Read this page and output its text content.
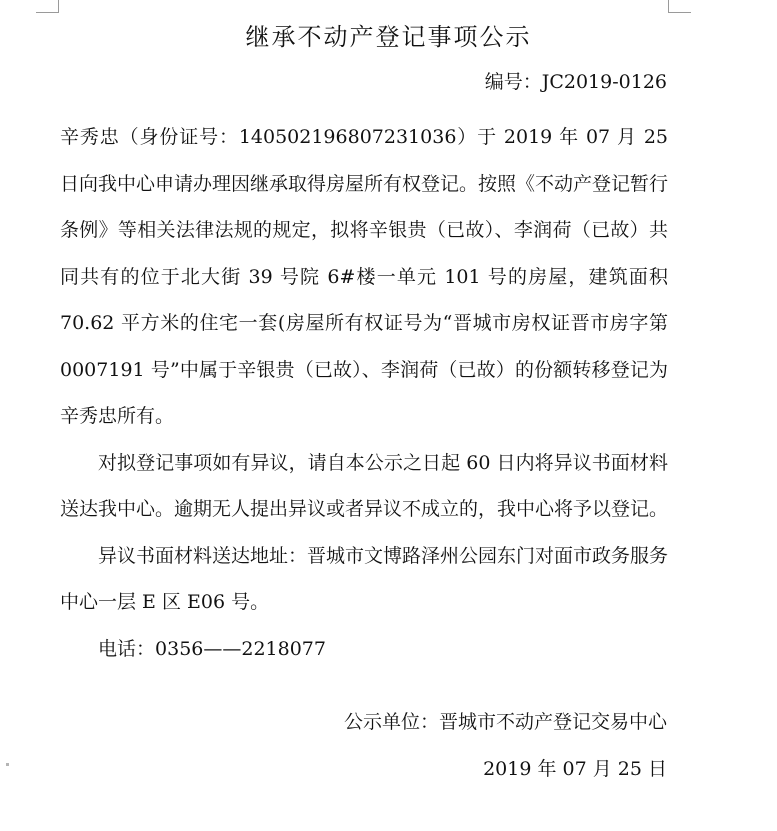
继承不动产登记事项公示
编号：JC2019-0126

辛秀忠（身份证号：140502196807231036）于 2019 年 07 月 25 日向我中心申请办理因继承取得房屋所有权登记。按照《不动产登记暂行条例》等相关法律法规的规定，拟将辛银贵（已故）、李润荷（已故）共同共有的位于北大街 39 号院 6#楼一单元 101 号的房屋，建筑面积 70.62 平方米的住宅一套(房屋所有权证号为“晋城市房权证晋市房字第 0007191 号”中属于辛银贵（已故）、李润荷（已故）的份额转移登记为辛秀忠所有。

对拟登记事项如有异议，请自本公示之日起 60 日内将异议书面材料送达我中心。逾期无人提出异议或者异议不成立的，我中心将予以登记。

异议书面材料送达地址：晋城市文博路泽州公园东门对面市政务服务中心一层 E 区 E06 号。

电话：0356——2218077

公示单位：晋城市不动产登记交易中心
2019 年 07 月 25 日
